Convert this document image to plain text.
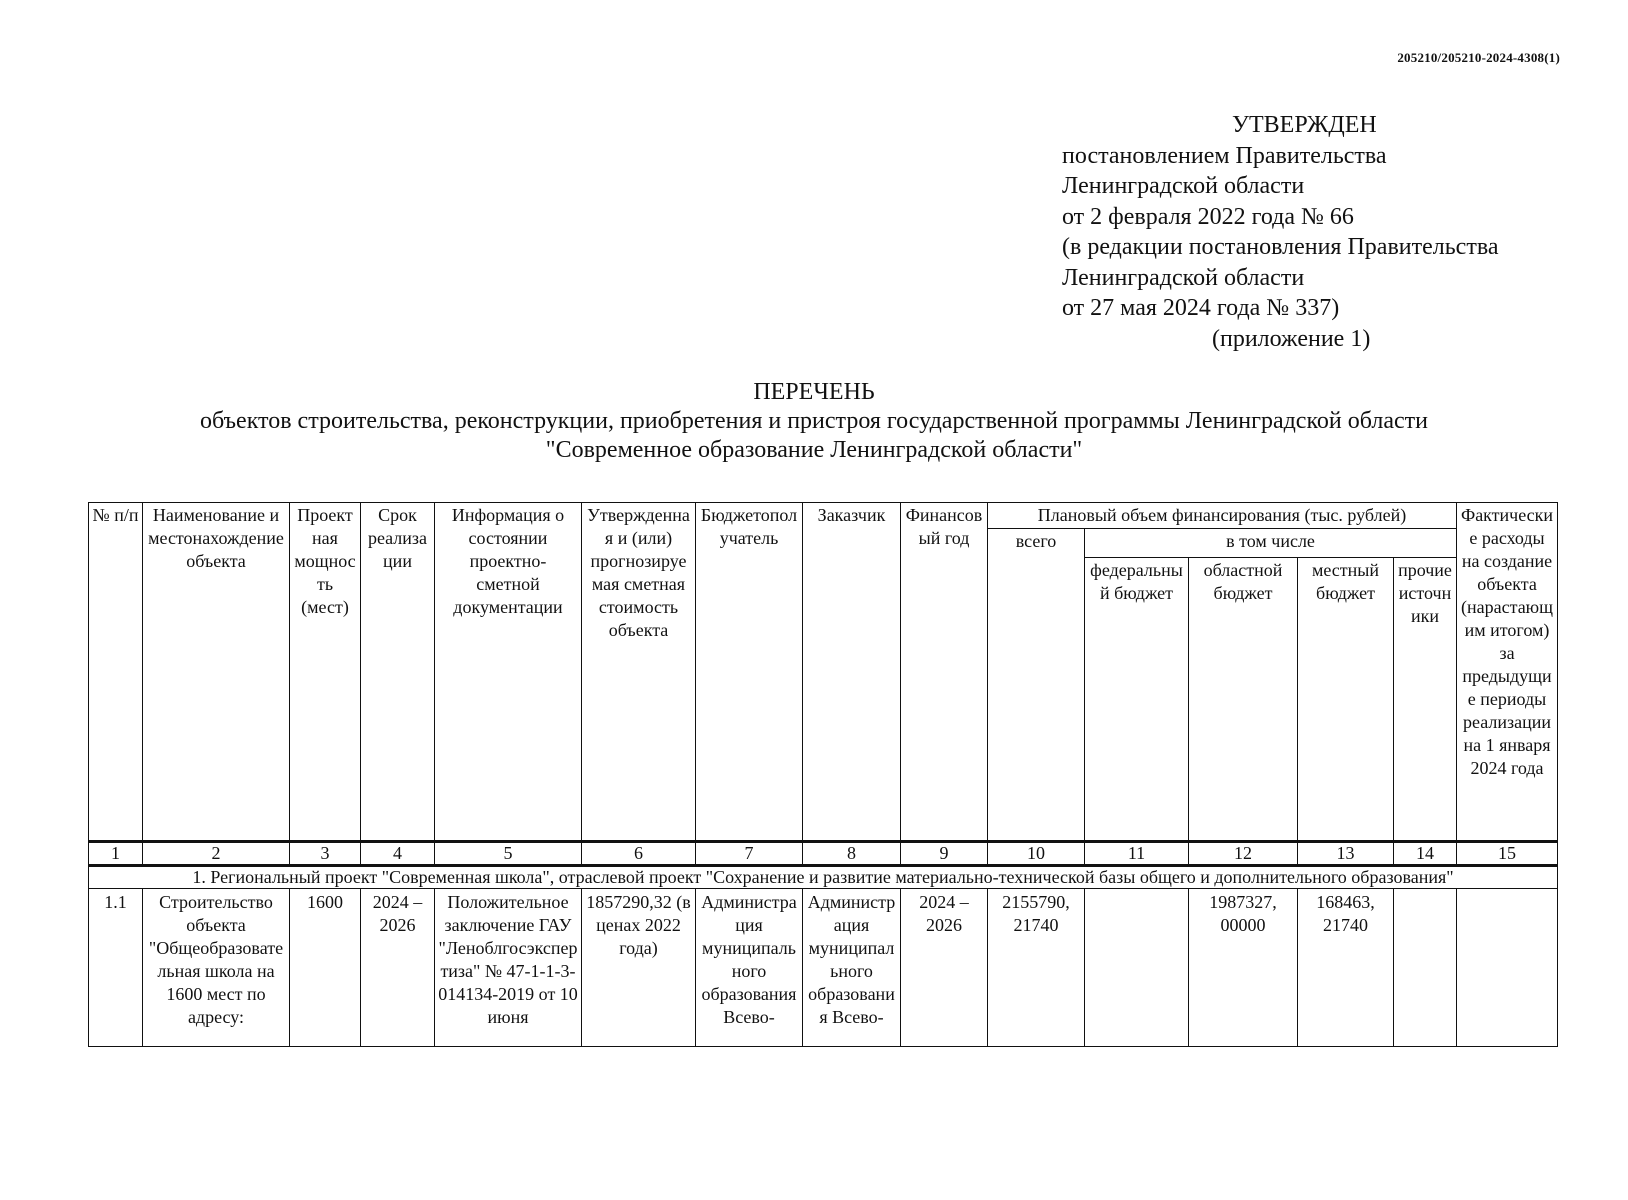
205210/205210-2024-4308(1)
УТВЕРЖДЕН
постановлением Правительства
Ленинградской области
от 2 февраля 2022 года № 66
(в редакции постановления Правительства
Ленинградской области
от 27 мая 2024 года № 337)
(приложение 1)
ПЕРЕЧЕНЬ
объектов строительства, реконструкции, приобретения и пристроя государственной программы Ленинградской области
"Современное образование Ленинградской области"
№ п/п	Наименование и местонахождение объекта	Проектная мощность (мест)	Срок реализации	Информация о состоянии проектно-сметной документации	Утвержденная и (или) прогнозируемая сметная стоимость объекта	Бюджетополучатель	Заказчик	Финансовый год	Плановый объем финансирования (тыс. рублей)					Фактические расходы на создание объекта (нарастающим итогом) за предыдущие периоды реализации на 1 января 2024 года
									всего	в том числе				
										федеральный бюджет	областной бюджет	местный бюджет	прочие источники	
1	2	3	4	5	6	7	8	9	10	11	12	13	14	15
1. Региональный проект "Современная школа", отраслевой проект "Сохранение и развитие материально-технической базы общего и дополнительного образования"														
1.1	Строительство объекта "Общеобразовательная школа на 1600 мест по адресу:	1600	2024 – 2026	Положительное заключение ГАУ "Леноблгосэкспертиза" № 47-1-1-3-014134-2019 от 10 июня	1857290,32 (в ценах 2022 года)	Администрация муниципального образования Всево-	Администрация муниципального образования Всево-	2024 – 2026	2155790, 21740		1987327, 00000	168463, 21740		
